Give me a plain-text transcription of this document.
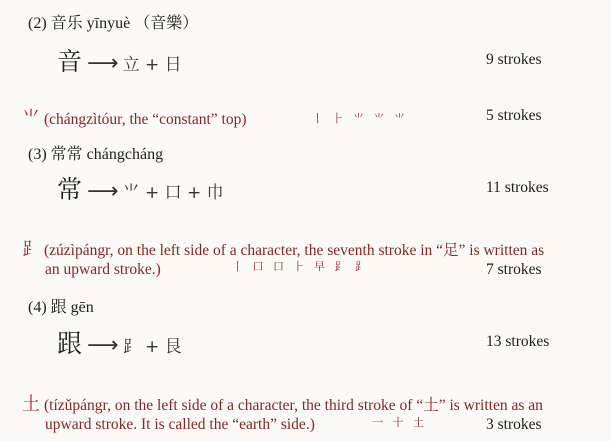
(2) 音乐 yīnyuè （音樂）
音 ⟶ 立 + 日	9 strokes
⺌ (chángzìtóur, the “constant” top)	丨 ⺊ ⺌ ⺌ ⺌	5 strokes
(3) 常常 chángcháng
常 ⟶ ⺌ + 口 + 巾	11 strokes
⻊ (zúzìpángr, on the left side of a character, the seventh stroke in “足” is written as
an upward stroke.)	丨 ⼝ 口 ⺊ 早 ⻊ ⻊	7 strokes
(4) 跟 gēn
跟 ⟶ ⻊ + 艮	13 strokes
土 (tízǔpángr, on the left side of a character, the third stroke of “土” is written as an
upward stroke. It is called the “earth” side.)	一 十 土	3 strokes
